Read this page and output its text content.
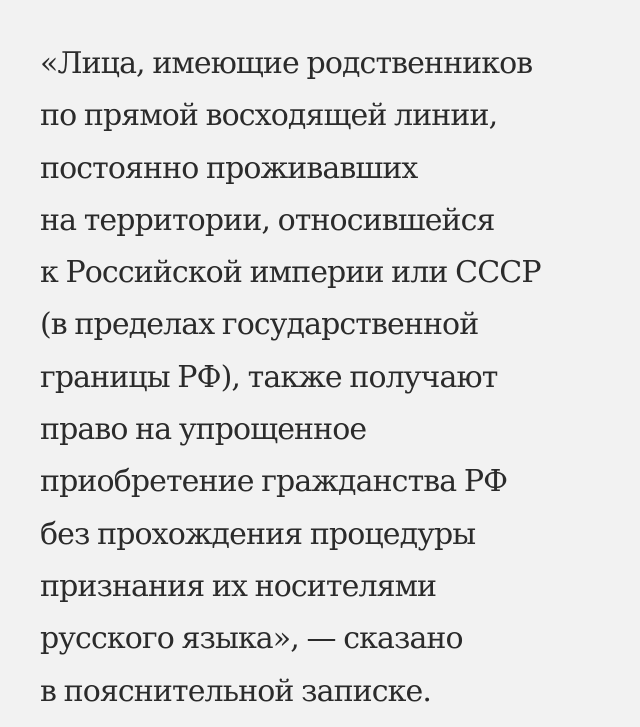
«Лица, имеющие родственников
по прямой восходящей линии,
постоянно проживавших
на территории, относившейся
к Российской империи или СССР
(в пределах государственной
границы РФ), также получают
право на упрощенное
приобретение гражданства РФ
без прохождения процедуры
признания их носителями
русского языка», — сказано
в пояснительной записке.
